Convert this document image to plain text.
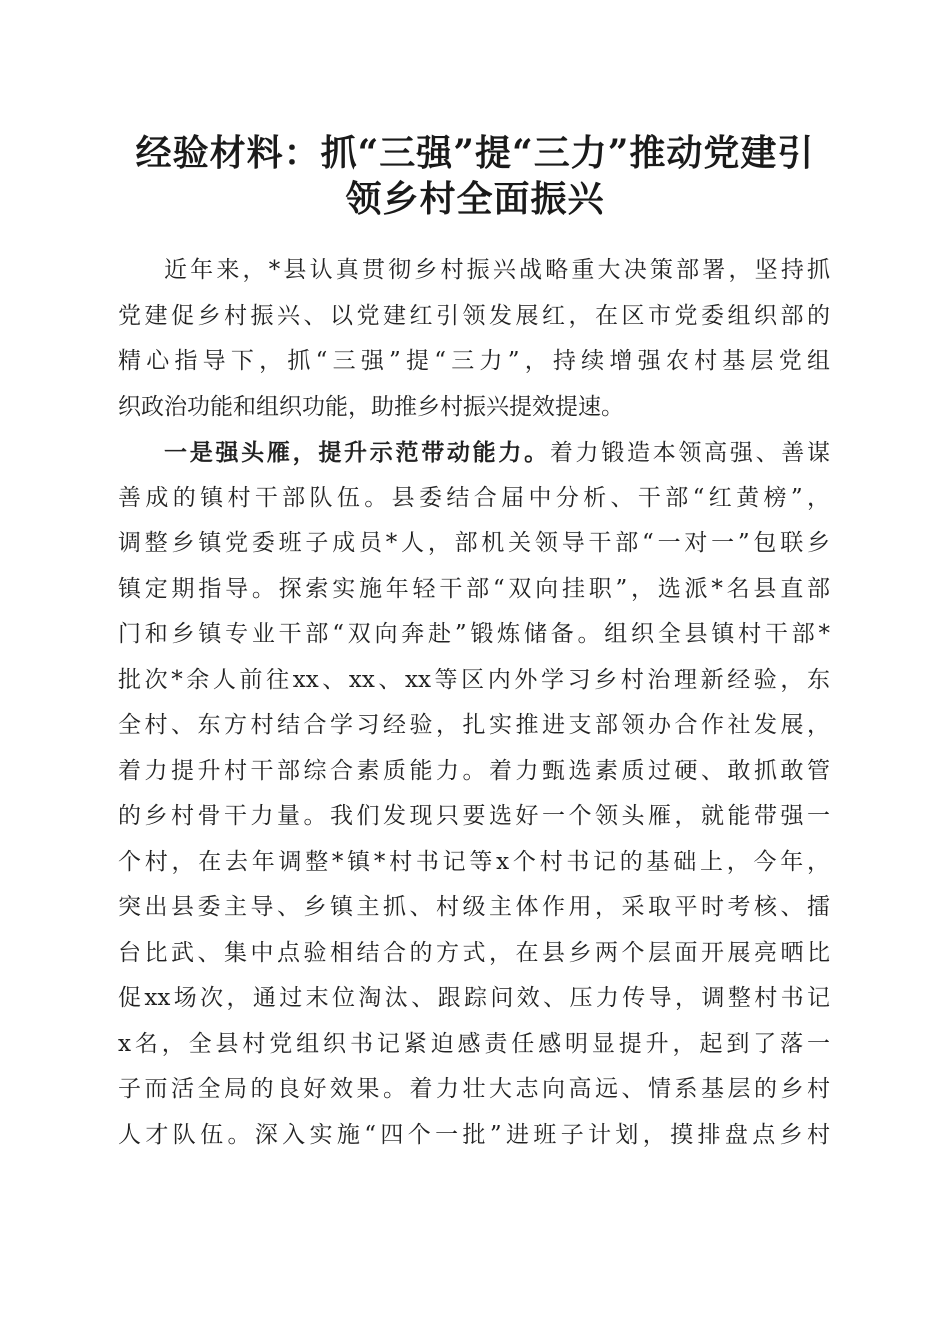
经验材料：抓“三强”提“三力”推动党建引
领乡村全面振兴
近年来，*县认真贯彻乡村振兴战略重大决策部署，坚持抓
党建促乡村振兴、以党建红引领发展红，在区市党委组织部的
精心指导下，抓“三强”提“三力”，持续增强农村基层党组
织政治功能和组织功能，助推乡村振兴提效提速。
一是强头雁，提升示范带动能力。着力锻造本领高强、善谋
善成的镇村干部队伍。县委结合届中分析、干部“红黄榜”，
调整乡镇党委班子成员*人，部机关领导干部“一对一”包联乡
镇定期指导。探索实施年轻干部“双向挂职”，选派*名县直部
门和乡镇专业干部“双向奔赴”锻炼储备。组织全县镇村干部*
批次*余人前往xx、xx、xx等区内外学习乡村治理新经验，东
全村、东方村结合学习经验，扎实推进支部领办合作社发展，
着力提升村干部综合素质能力。着力甄选素质过硬、敢抓敢管
的乡村骨干力量。我们发现只要选好一个领头雁，就能带强一
个村，在去年调整*镇*村书记等x个村书记的基础上，今年，
突出县委主导、乡镇主抓、村级主体作用，采取平时考核、擂
台比武、集中点验相结合的方式，在县乡两个层面开展亮晒比
促xx场次，通过末位淘汰、跟踪问效、压力传导，调整村书记
x名，全县村党组织书记紧迫感责任感明显提升，起到了落一
子而活全局的良好效果。着力壮大志向高远、情系基层的乡村
人才队伍。深入实施“四个一批”进班子计划，摸排盘点乡村
